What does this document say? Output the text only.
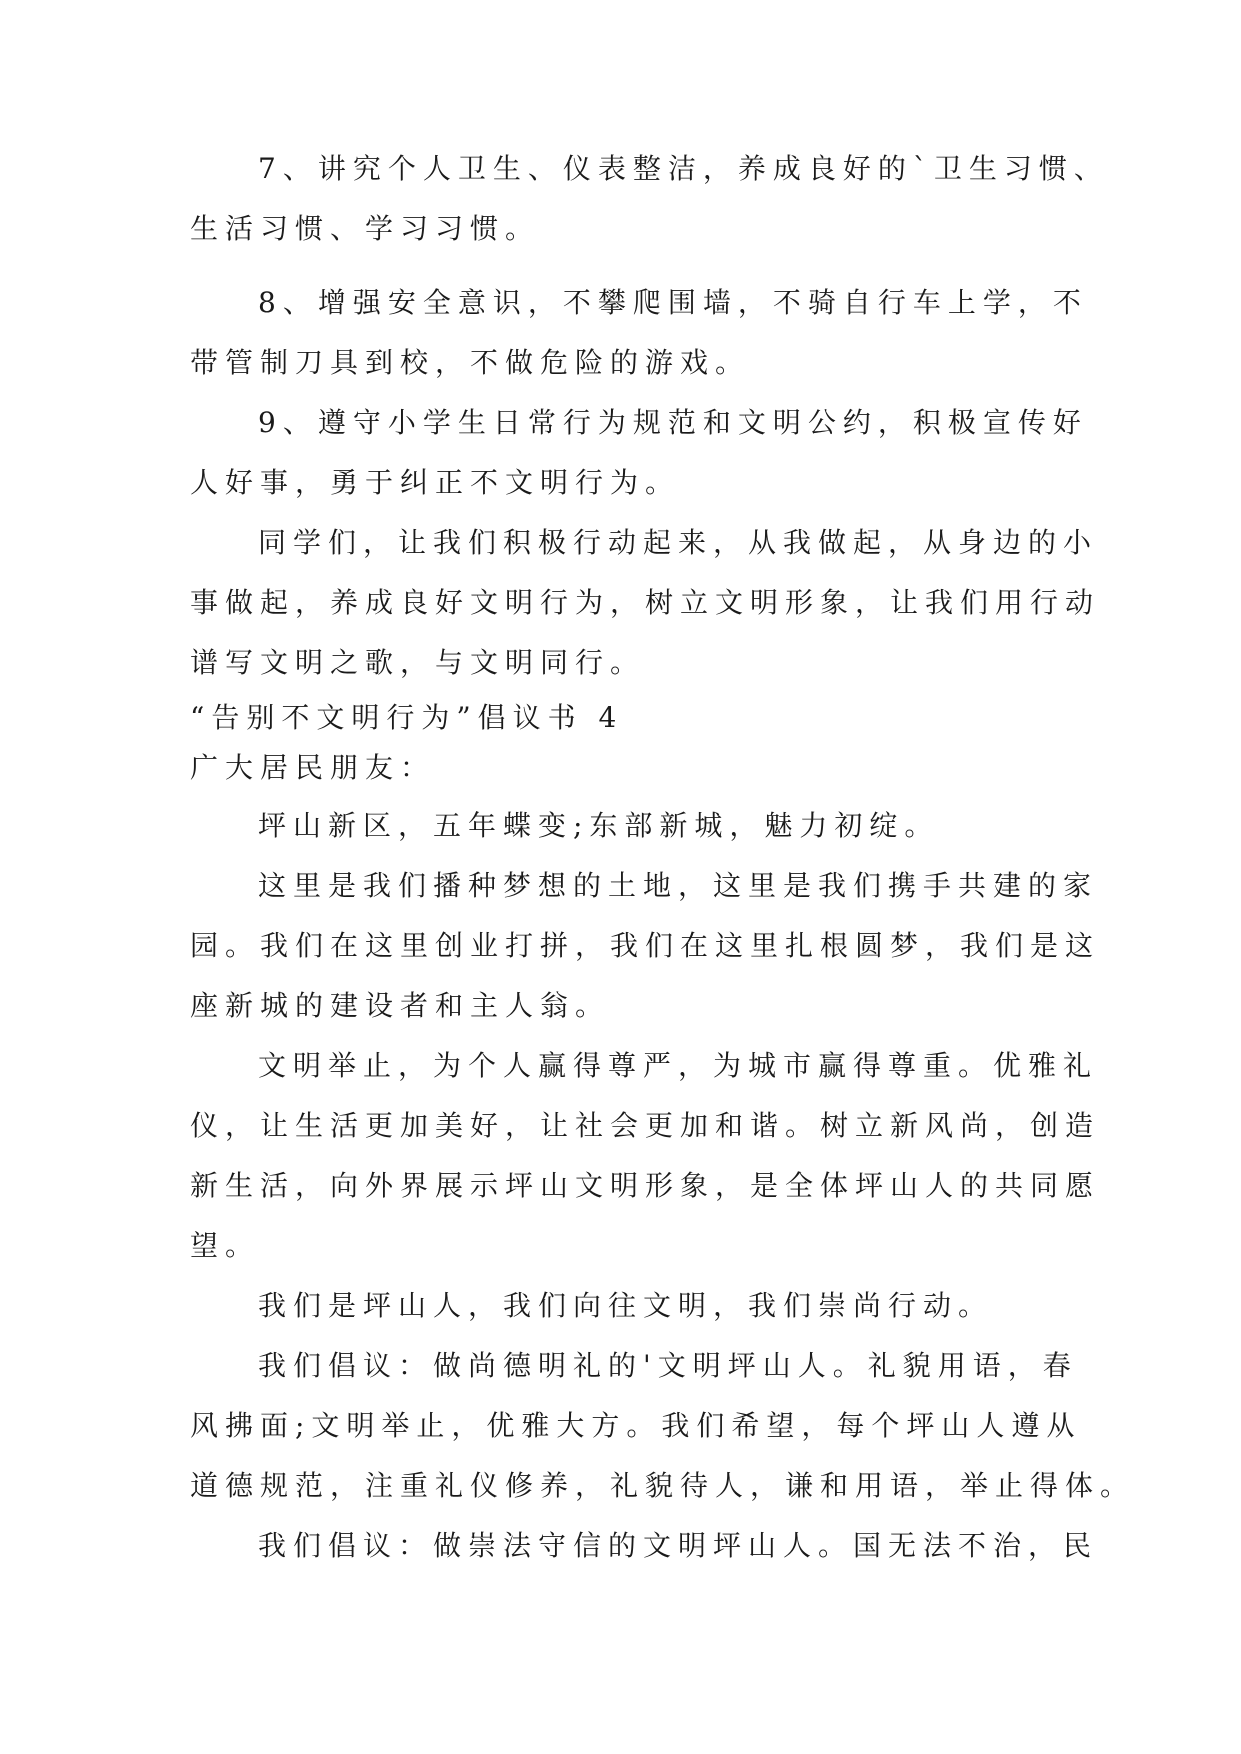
7、讲究个人卫生、仪表整洁，养成良好的`卫生习惯、
生活习惯、学习习惯。
8、增强安全意识，不攀爬围墙，不骑自行车上学，不
带管制刀具到校，不做危险的游戏。
9、遵守小学生日常行为规范和文明公约，积极宣传好
人好事，勇于纠正不文明行为。
同学们，让我们积极行动起来，从我做起，从身边的小
事做起，养成良好文明行为，树立文明形象，让我们用行动
谱写文明之歌，与文明同行。
“告别不文明行为”倡议书 4
广大居民朋友：
坪山新区，五年蝶变;东部新城，魅力初绽。
这里是我们播种梦想的土地，这里是我们携手共建的家
园。我们在这里创业打拼，我们在这里扎根圆梦，我们是这
座新城的建设者和主人翁。
文明举止，为个人赢得尊严，为城市赢得尊重。优雅礼
仪，让生活更加美好，让社会更加和谐。树立新风尚，创造
新生活，向外界展示坪山文明形象，是全体坪山人的共同愿
望。
我们是坪山人，我们向往文明，我们崇尚行动。
我们倡议：做尚德明礼的'文明坪山人。礼貌用语，春
风拂面;文明举止，优雅大方。我们希望，每个坪山人遵从
道德规范，注重礼仪修养，礼貌待人，谦和用语，举止得体。
我们倡议：做崇法守信的文明坪山人。国无法不治，民
